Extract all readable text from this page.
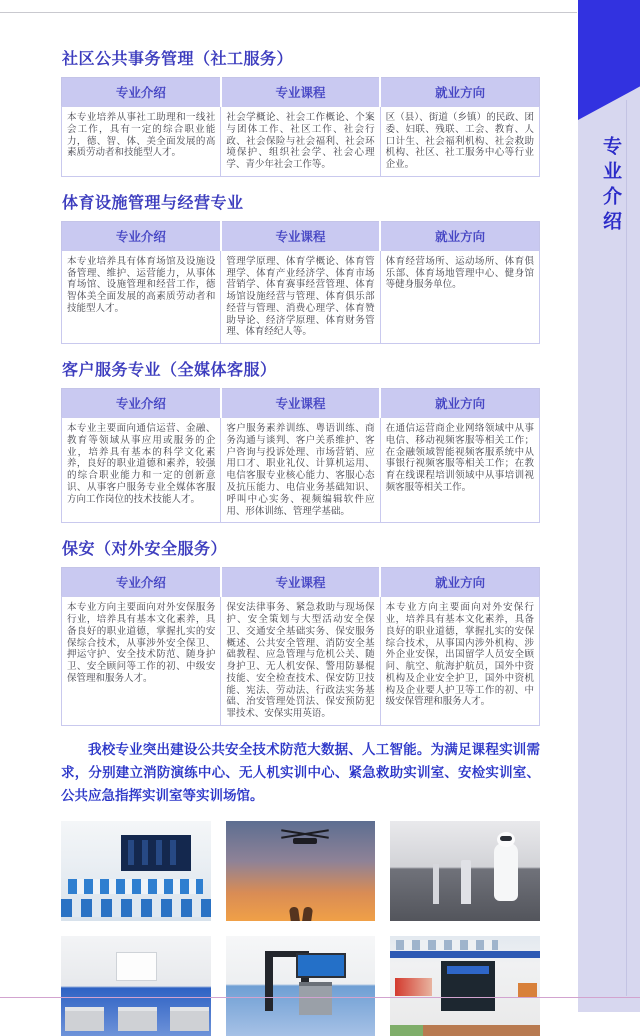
社区公共事务管理（社工服务）
专业介绍	专业课程	就业方向
本专业培养从事社工助理和一线社会工作，具有一定的综合职业能力，德、智、体、美全面发展的高素质劳动者和技能型人才。	社会学概论、社会工作概论、个案与团体工作、社区工作、社会行政、社会保险与社会福利、社会环境保护、组织社会学、社会心理学、青少年社会工作等。	区（县）、街道（乡镇）的民政、团委、妇联、残联、工会、教育、人口计生、社会福利机构、社会救助机构、社区、社工服务中心等行业企业。
体育设施管理与经营专业
专业介绍	专业课程	就业方向
本专业培养具有体育场馆及设施设备管理、维护、运营能力，从事体育场馆、设施管理和经营工作，德智体美全面发展的高素质劳动者和技能型人才。	管理学原理、体育学概论、体育管理学、体育产业经济学、体育市场营销学、体育赛事经营管理、体育场馆设施经营与管理、体育俱乐部经营与管理、消费心理学、体育赞助导论、经济学原理、体育财务管理、体育经纪人等。	体育经营场所、运动场所、体育俱乐部、体育场地管理中心、健身馆等健身服务单位。
客户服务专业（全媒体客服）
专业介绍	专业课程	就业方向
本专业主要面向通信运营、金融、教育等领域从事应用或服务的企业，培养具有基本的科学文化素养，良好的职业道德和素养，较强的综合职业能力和一定的创新意识、从事客户服务专业全媒体客服方向工作岗位的技术技能人才。	客户服务素养训练、粤语训练、商务沟通与谈判、客户关系维护、客户咨询与投诉处理、市场营销、应用口才、职业礼仪、计算机运用、电信客服专业核心能力、客服心态及抗压能力、电信业务基础知识、呼叫中心实务、视频编辑软件应用、形体训练、管理学基础。	在通信运营商企业网络领域中从事电信、移动视频客服等相关工作；在金融领域智能视频客服系统中从事银行视频客服等相关工作；在教育在线课程培训领域中从事培训视频客服等相关工作。
保安（对外安全服务）
专业介绍	专业课程	就业方向
本专业方向主要面向对外安保服务行业，培养具有基本文化素养，具备良好的职业道德，掌握扎实的安保综合技术，从事涉外安全保卫、押运守护、安全技术防范、随身护卫、安全顾问等工作的初、中级安保管理和服务人才。	保安法律事务、紧急救助与现场保护、安全策划与大型活动安全保卫、交通安全基础实务、保安服务概述、公共安全管理、消防安全基础教程、应急管理与危机公关、随身护卫、无人机安保、警用防暴棍技能、安全检查技术、保安防卫技能、宪法、劳动法、行政法实务基础、治安管理处罚法、保安预防犯罪技术、安保实用英语。	本专业方向主要面向对外安保行业，培养具有基本文化素养，具备良好的职业道德，掌握扎实的安保综合技术，从事国内涉外机构、涉外企业安保，出国留学人员安全顾问、航空、航海护航员，国外中资机构及企业安全护卫，国外中资机构及企业要人护卫等工作的初、中级安保管理和服务人才。

我校专业突出建设公共安全技术防范大数据、人工智能。为满足课程实训需求，分别建立消防演练中心、无人机实训中心、紧急救助实训室、安检实训室、公共应急指挥实训室等实训场馆。

专业介绍
